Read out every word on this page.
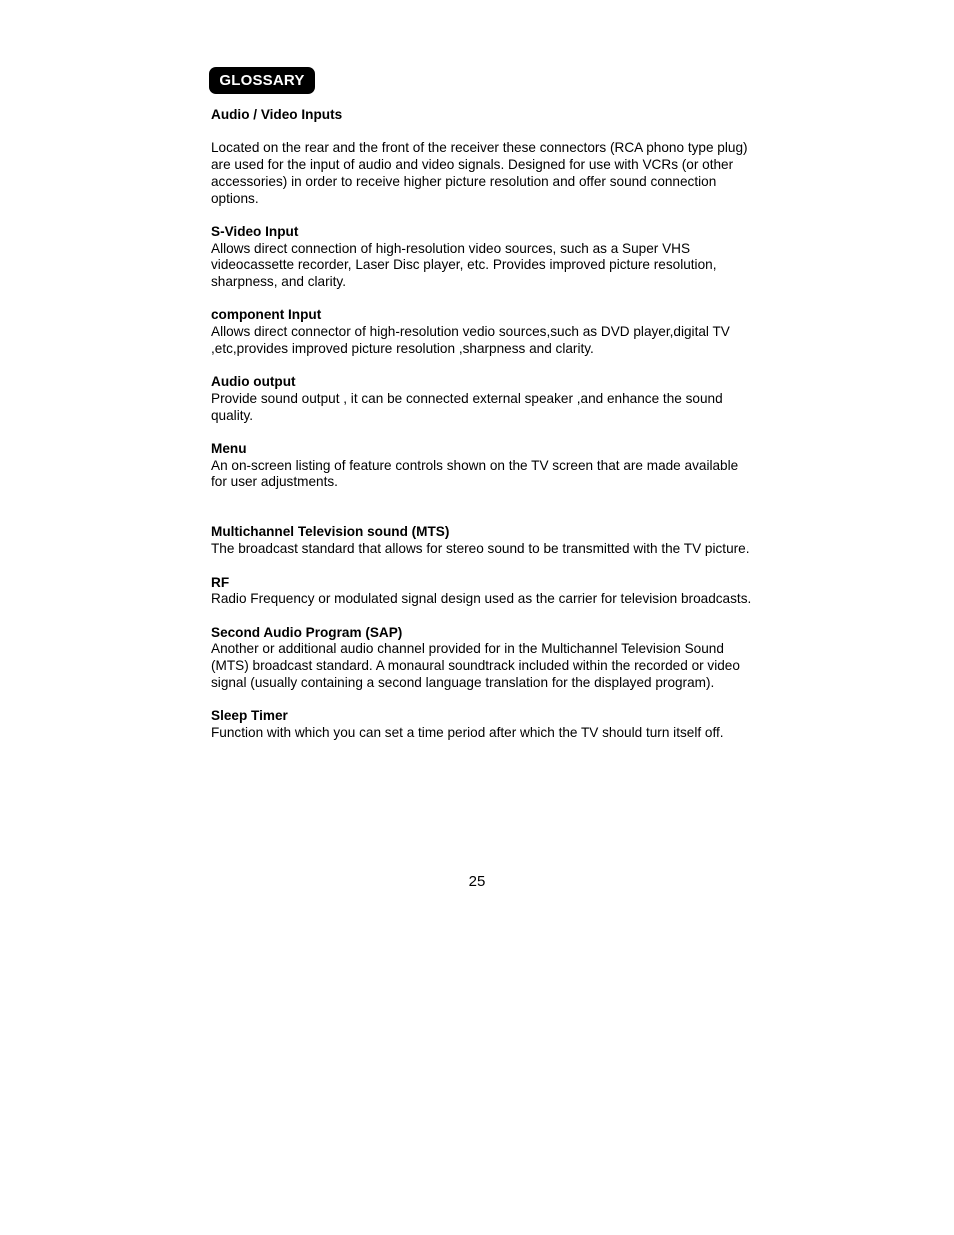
GLOSSARY

Audio / Video Inputs

Located on the rear and the front of the receiver these connectors (RCA phono type plug) are used for the input of audio and video signals. Designed for use with VCRs (or other accessories) in order to receive higher picture resolution and offer sound connection options.

S-Video Input

Allows direct connection of high-resolution video sources, such as a Super VHS videocassette recorder, Laser Disc player, etc. Provides improved picture resolution, sharpness, and clarity.

component Input

Allows direct connector of high-resolution vedio sources,such as DVD player,digital TV ,etc,provides improved picture resolution ,sharpness and clarity.

Audio output

Provide sound output , it can be connected external speaker ,and enhance the sound quality.

Menu

An on-screen listing of feature controls shown on the TV screen that are made available for user adjustments.

Multichannel Television sound (MTS)

The broadcast standard that allows for stereo sound to be transmitted with the TV picture.

RF

Radio Frequency or modulated signal design used as the carrier for television broadcasts.

Second Audio Program (SAP)

Another or additional audio channel provided for in the Multichannel Television Sound (MTS) broadcast standard. A monaural soundtrack included within the recorded or video signal (usually containing a second language translation for the displayed program).

Sleep Timer

Function with which you can set a time period after which the TV should turn itself off.

25
